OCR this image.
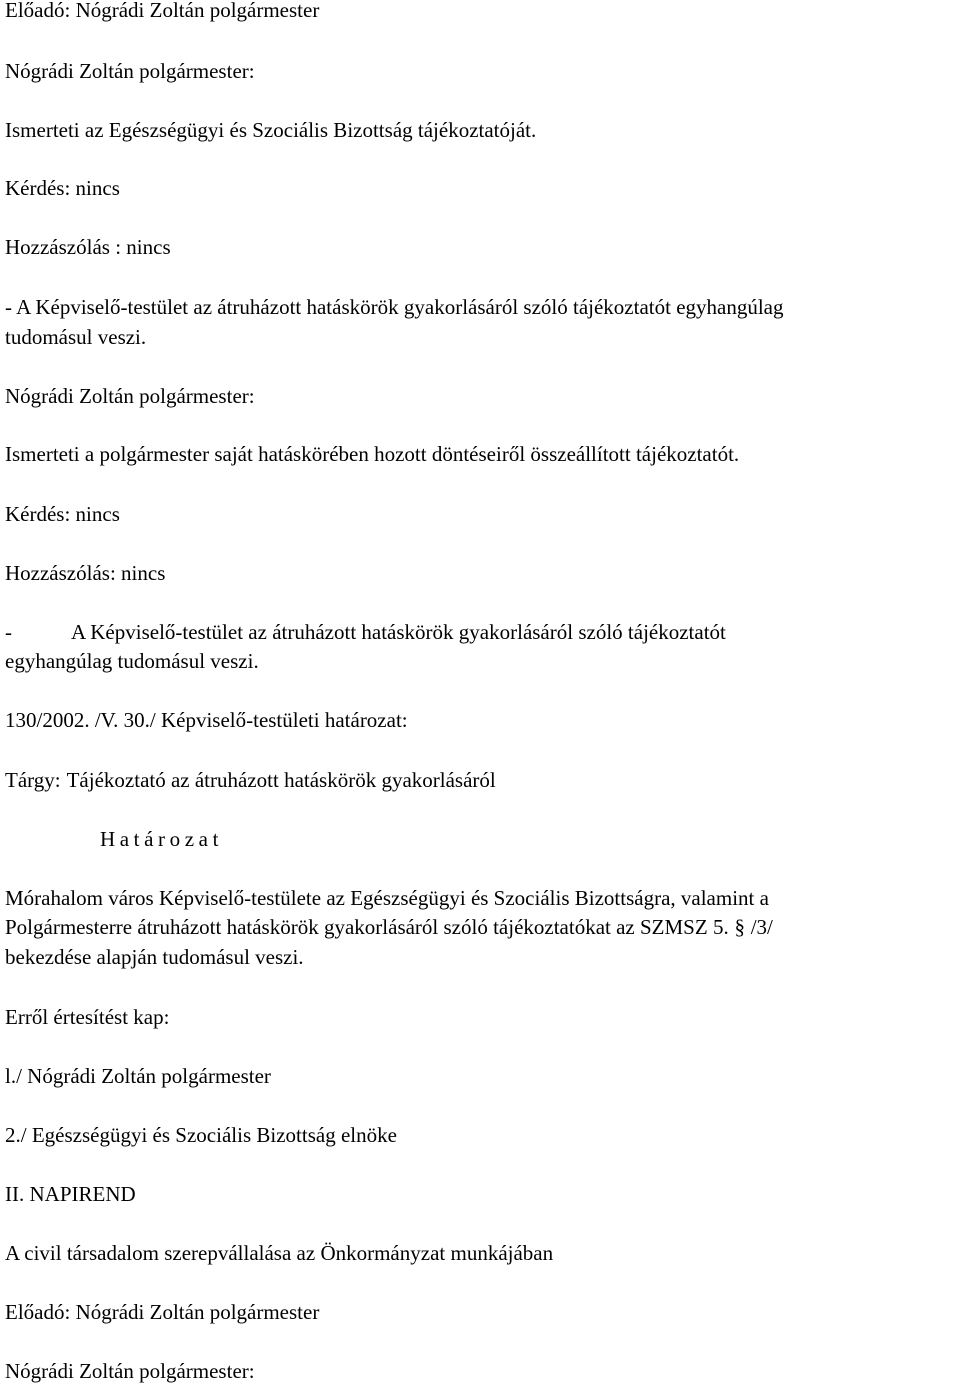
Előadó: Nógrádi Zoltán polgármester
Nógrádi Zoltán polgármester:
Ismerteti az Egészségügyi és Szociális Bizottság tájékoztatóját.
Kérdés: nincs
Hozzászólás : nincs
- A Képviselő-testület az átruházott hatáskörök gyakorlásáról szóló tájékoztatót egyhangúlag
tudomásul veszi.
Nógrádi Zoltán polgármester:
Ismerteti a polgármester saját hatáskörében hozott döntéseiről összeállított tájékoztatót.
Kérdés: nincs
Hozzászólás: nincs
-	A Képviselő-testület az átruházott hatáskörök gyakorlásáról szóló tájékoztatót
egyhangúlag tudomásul veszi.
130/2002. /V. 30./ Képviselő-testületi határozat:
Tárgy: Tájékoztató az átruházott hatáskörök gyakorlásáról
Határozat
Mórahalom város Képviselő-testülete az Egészségügyi és Szociális Bizottságra, valamint a
Polgármesterre átruházott hatáskörök gyakorlásáról szóló tájékoztatókat az SZMSZ 5. § /3/
bekezdése alapján tudomásul veszi.
Erről értesítést kap:
l./ Nógrádi Zoltán polgármester
2./ Egészségügyi és Szociális Bizottság elnöke
II. NAPIREND
A civil társadalom szerepvállalása az Önkormányzat munkájában
Előadó: Nógrádi Zoltán polgármester
Nógrádi Zoltán polgármester:
